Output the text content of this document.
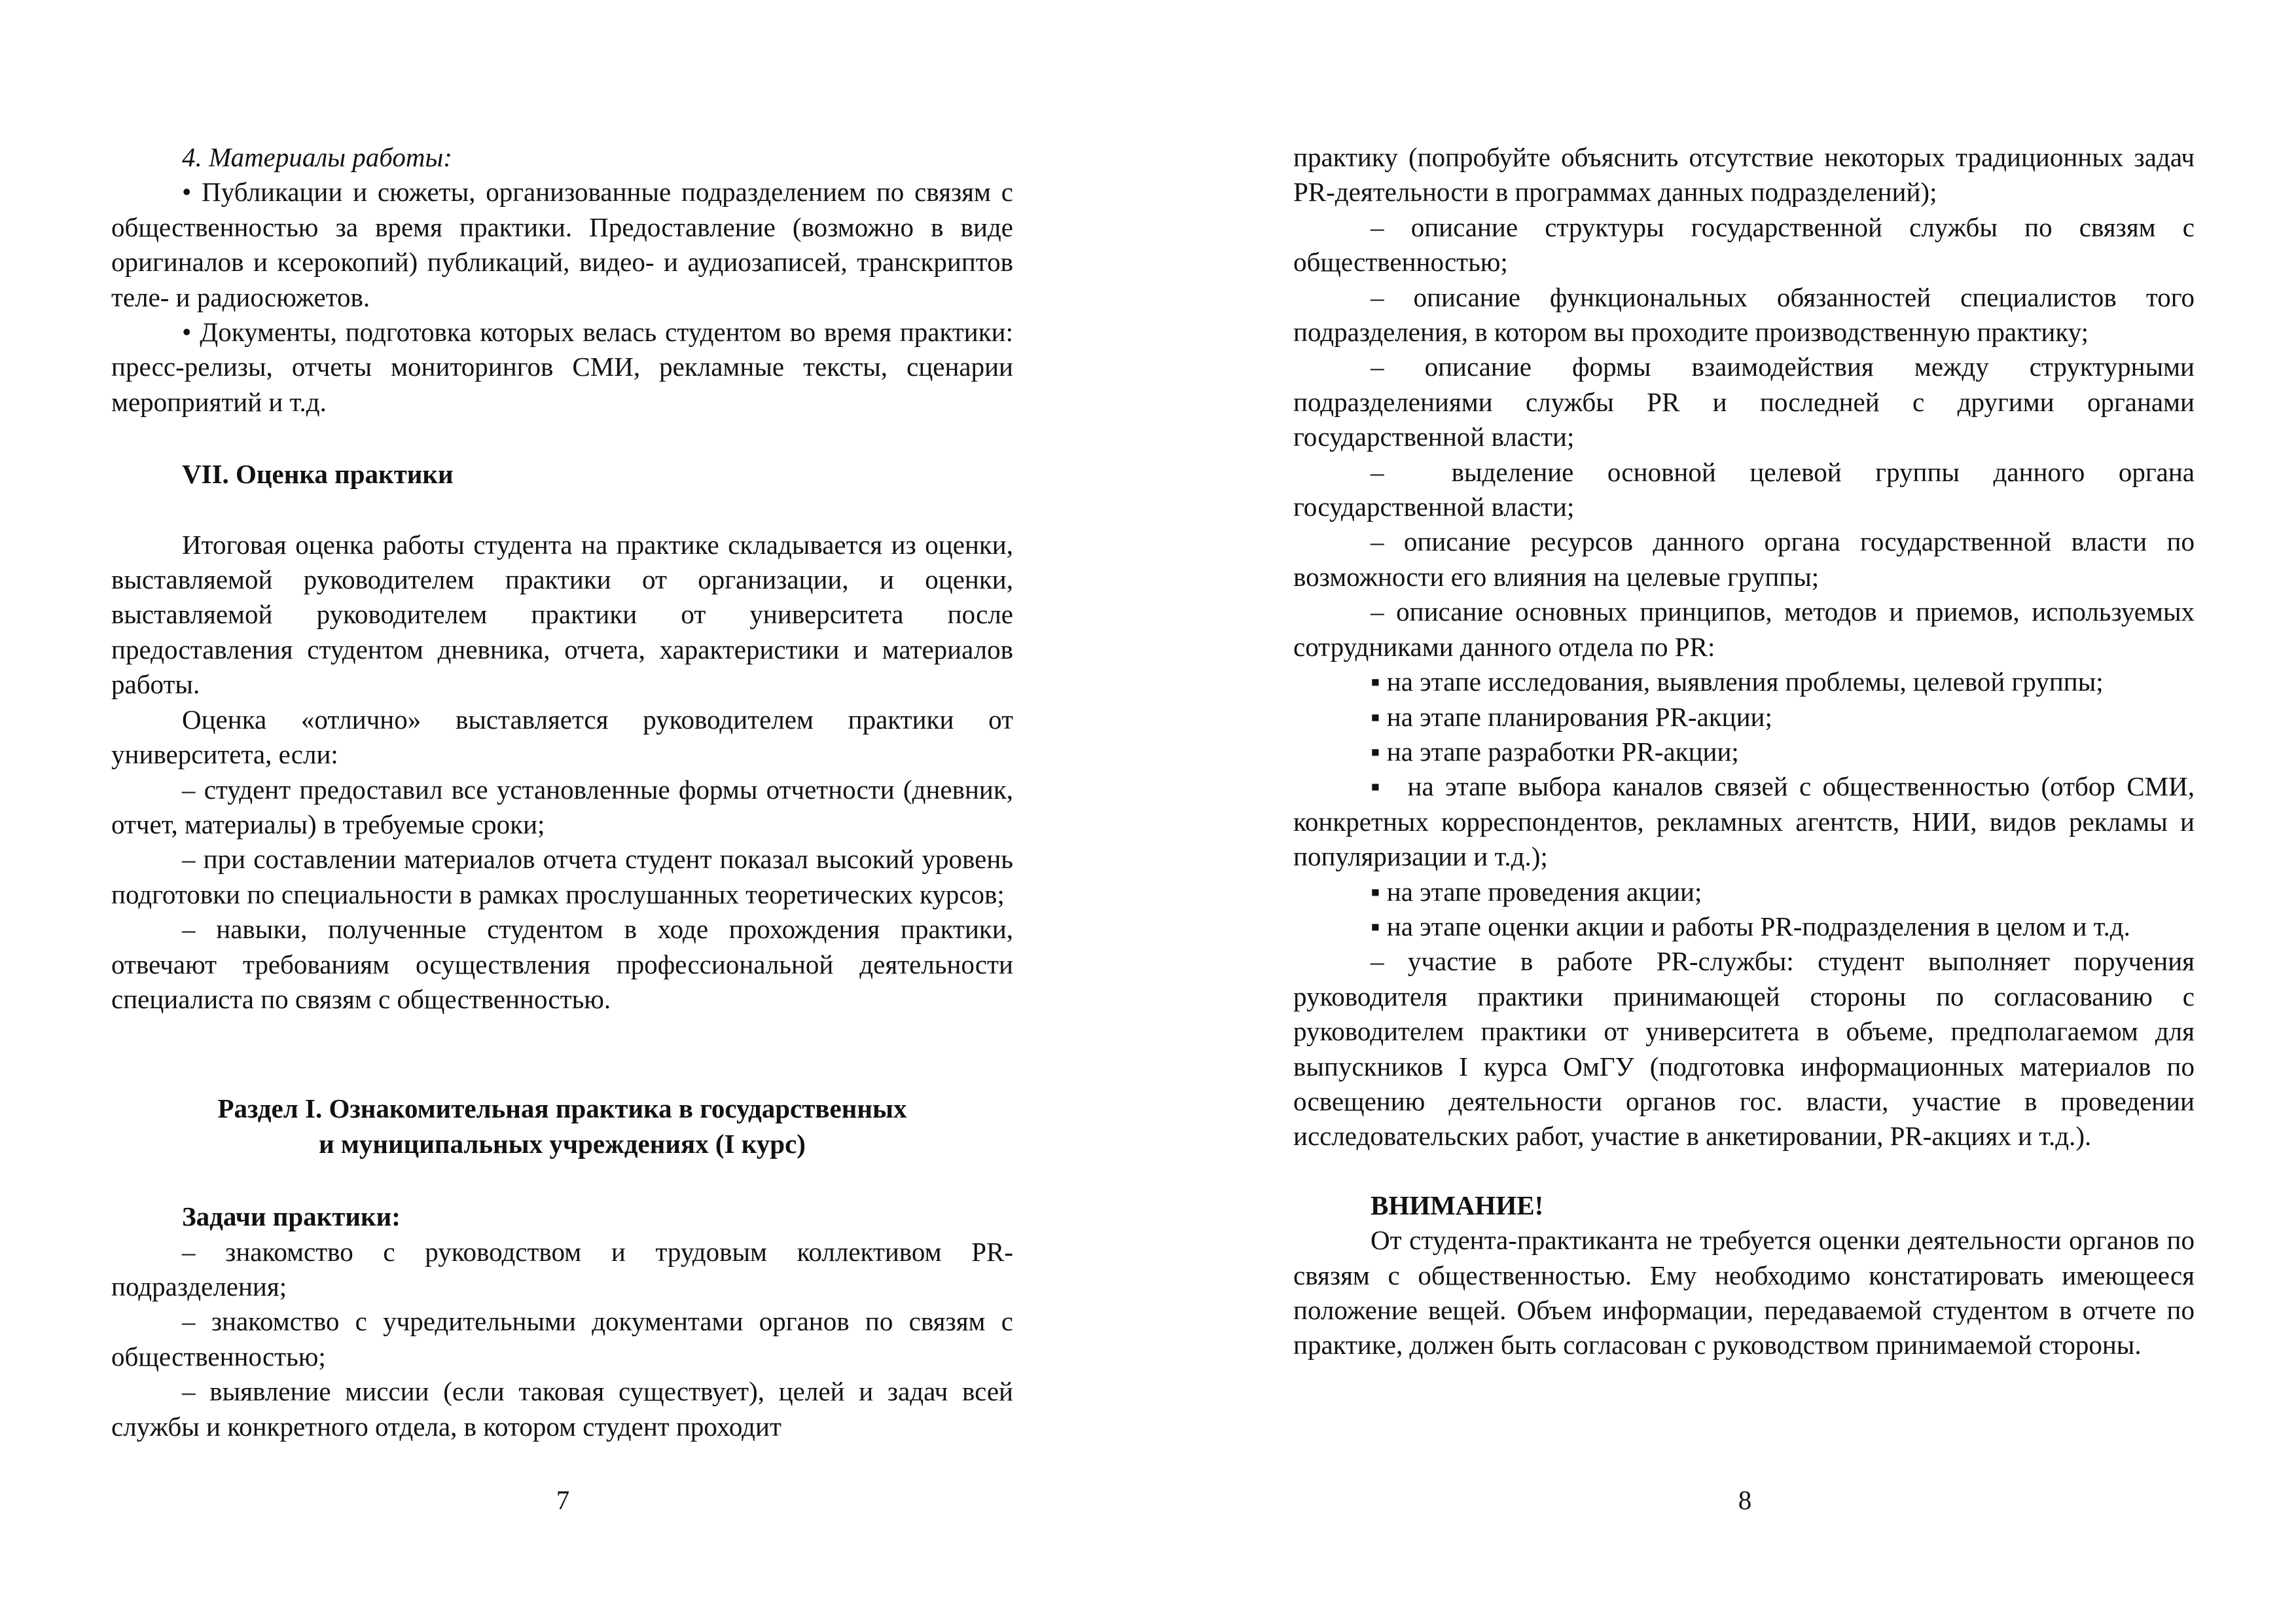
4. Материалы работы:

• Публикации и сюжеты, организованные подразделением по связям с общественностью за время практики. Предоставление (возможно в виде оригиналов и ксерокопий) публикаций, видео- и аудиозаписей, транскриптов теле- и радиосюжетов.

• Документы, подготовка которых велась студентом во время практики: пресс-релизы, отчеты мониторингов СМИ, рекламные тексты, сценарии мероприятий и т.д.

VII. Оценка практики

Итоговая оценка работы студента на практике складывается из оценки, выставляемой руководителем практики от организации, и оценки, выставляемой руководителем практики от университета после предоставления студентом дневника, отчета, характеристики и материалов работы.

Оценка «отлично» выставляется руководителем практики от университета, если:

– студент предоставил все установленные формы отчетности (дневник, отчет, материалы) в требуемые сроки;

– при составлении материалов отчета студент показал высокий уровень подготовки по специальности в рамках прослушанных теоретических курсов;

– навыки, полученные студентом в ходе прохождения практики, отвечают требованиям осуществления профессиональной деятельности специалиста по связям с общественностью.

Раздел I. Ознакомительная практика в государственных
и муниципальных учреждениях (I курс)

Задачи практики:

– знакомство с руководством и трудовым коллективом PR-подразделения;

– знакомство с учредительными документами органов по связям с общественностью;

– выявление миссии (если таковая существует), целей и задач всей службы и конкретного отдела, в котором студент проходит

7

практику (попробуйте объяснить отсутствие некоторых традиционных задач PR-деятельности в программах данных подразделений);

– описание структуры государственной службы по связям с общественностью;

– описание функциональных обязанностей специалистов того подразделения, в котором вы проходите производственную практику;

– описание формы взаимодействия между структурными подразделениями службы PR и последней с другими органами государственной власти;

–  выделение основной целевой группы данного органа государственной власти;

– описание ресурсов данного органа государственной власти по возможности его влияния на целевые группы;

– описание основных принципов, методов и приемов, используемых сотрудниками данного отдела по PR:

▪ на этапе исследования, выявления проблемы, целевой группы;

▪ на этапе планирования PR-акции;

▪ на этапе разработки PR-акции;

▪  на этапе выбора каналов связей с общественностью (отбор СМИ, конкретных корреспондентов, рекламных агентств, НИИ, видов рекламы и популяризации и т.д.);

▪ на этапе проведения акции;

▪ на этапе оценки акции и работы PR-подразделения в целом и т.д.

– участие в работе PR-службы: студент выполняет поручения руководителя практики принимающей стороны по согласованию с руководителем практики от университета в объеме, предполагаемом для выпускников I курса ОмГУ (подготовка информационных материалов по освещению деятельности органов гос. власти, участие в проведении исследовательских работ, участие в анкетировании, PR-акциях и т.д.).

ВНИМАНИЕ!

От студента-практиканта не требуется оценки деятельности органов по связям с общественностью. Ему необходимо констатировать имеющееся положение вещей. Объем информации, передаваемой студентом в отчете по практике, должен быть согласован с руководством принимаемой стороны.

8
